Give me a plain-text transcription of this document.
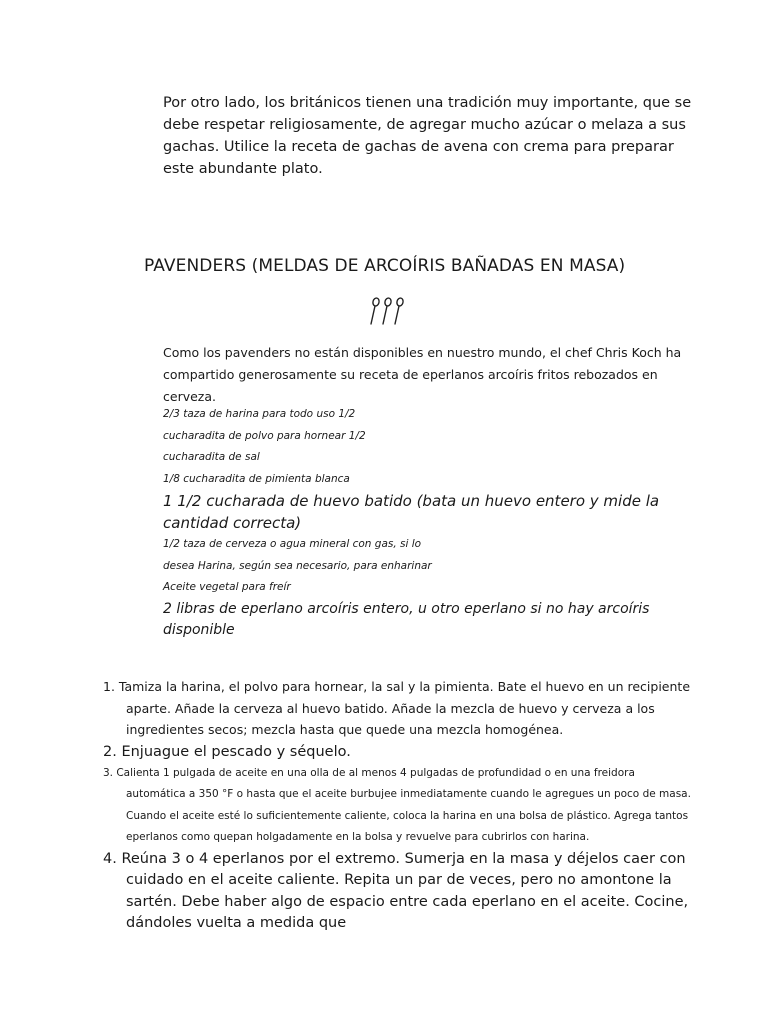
Por otro lado, los británicos tienen una tradición muy importante, que se debe respetar religiosamente, de agregar mucho azúcar o melaza a sus gachas. Utilice la receta de gachas de avena con crema para preparar este abundante plato.

PAVENDERS (MELDAS DE ARCOÍRIS BAÑADAS EN MASA)

Como los pavenders no están disponibles en nuestro mundo, el chef Chris Koch ha compartido generosamente su receta de eperlanos arcoíris fritos rebozados en cerveza.

2/3 taza de harina para todo uso 1/2
cucharadita de polvo para hornear 1/2
cucharadita de sal
1/8 cucharadita de pimienta blanca
1 1/2 cucharada de huevo batido (bata un huevo entero y mide la cantidad correcta)
1/2 taza de cerveza o agua mineral con gas, si lo
desea Harina, según sea necesario, para enharinar
Aceite vegetal para freír
2 libras de eperlano arcoíris entero, u otro eperlano si no hay arcoíris disponible
1. Tamiza la harina, el polvo para hornear, la sal y la pimienta. Bate el huevo en un recipiente aparte. Añade la cerveza al huevo batido. Añade la mezcla de huevo y cerveza a los ingredientes secos; mezcla hasta que quede una mezcla homogénea.
2. Enjuague el pescado y séquelo.
3. Calienta 1 pulgada de aceite en una olla de al menos 4 pulgadas de profundidad o en una freidora automática a 350 °F o hasta que el aceite burbujee inmediatamente cuando le agregues un poco de masa. Cuando el aceite esté lo suficientemente caliente, coloca la harina en una bolsa de plástico. Agrega tantos eperlanos como quepan holgadamente en la bolsa y revuelve para cubrirlos con harina.
4. Reúna 3 o 4 eperlanos por el extremo. Sumerja en la masa y déjelos caer con cuidado en el aceite caliente. Repita un par de veces, pero no amontone la sartén. Debe haber algo de espacio entre cada eperlano en el aceite. Cocine, dándoles vuelta a medida que
